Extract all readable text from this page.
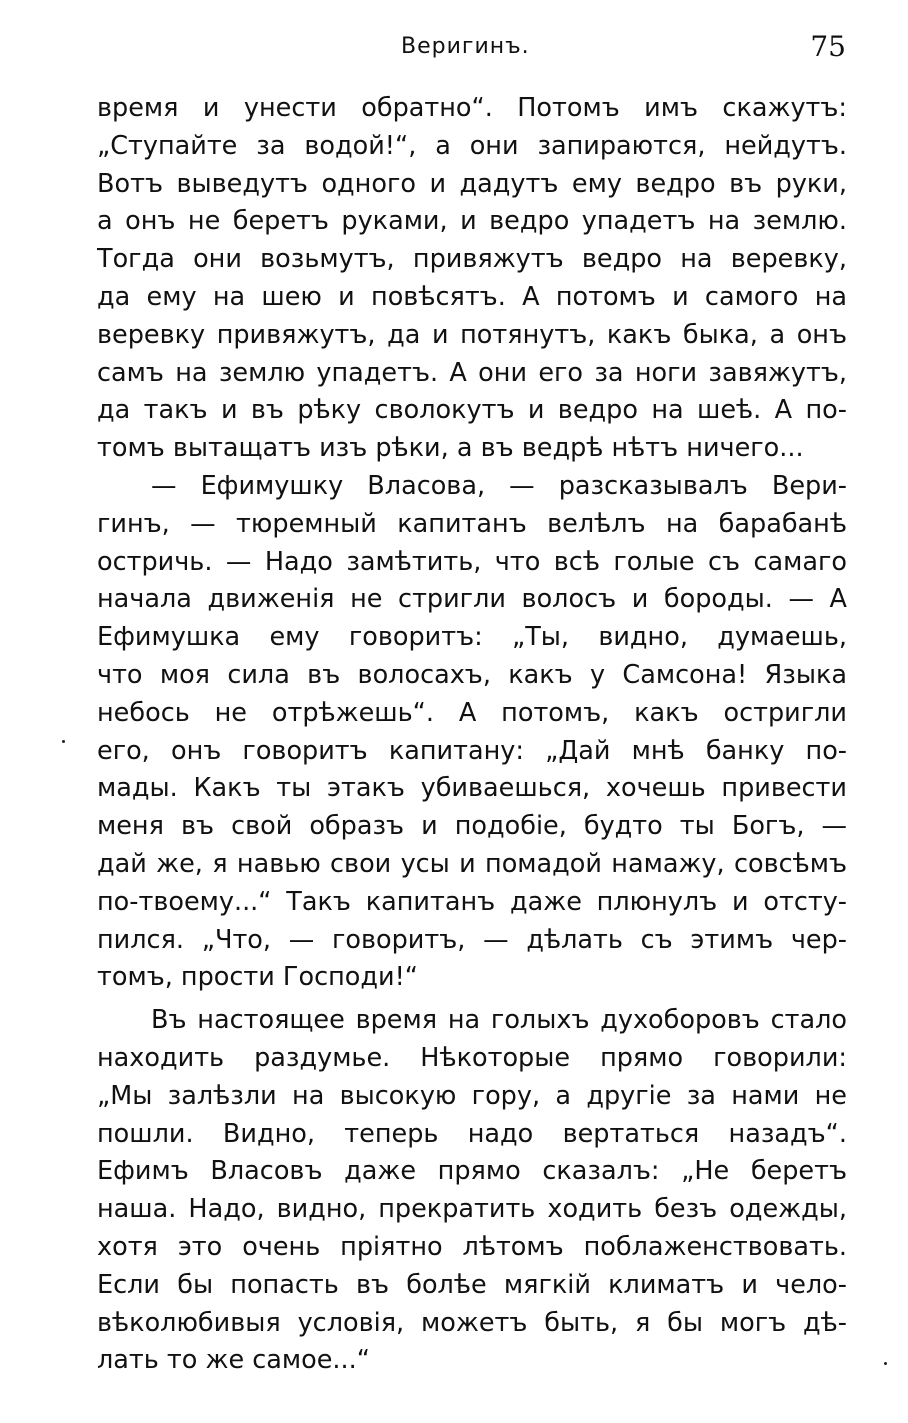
Веригинъ.	75
время и унести обратно“. Потомъ имъ скажутъ:
„Ступайте за водой!“, а они запираются, нейдутъ.
Вотъ выведутъ одного и дадутъ ему ведро въ руки,
а онъ не беретъ руками, и ведро упадетъ на землю.
Тогда они возьмутъ, привяжутъ ведро на веревку,
да ему на шею и повѣсятъ. А потомъ и самого на
веревку привяжутъ, да и потянутъ, какъ быка, а онъ
самъ на землю упадетъ. А они его за ноги завяжутъ,
да такъ и въ рѣку сволокутъ и ведро на шеѣ. А по-
томъ вытащатъ изъ рѣки, а въ ведрѣ нѣтъ ничего...
— Ефимушку Власова, — разсказывалъ Вери-
гинъ, — тюремный капитанъ велѣлъ на барабанѣ
остричь. — Надо замѣтить, что всѣ голые съ самаго
начала движенія не стригли волосъ и бороды. — А
Ефимушка ему говоритъ: „Ты, видно, думаешь,
что моя сила въ волосахъ, какъ у Самсона! Языка
небось не отрѣжешь“. А потомъ, какъ остригли
его, онъ говоритъ капитану: „Дай мнѣ банку по-
мады. Какъ ты этакъ убиваешься, хочешь привести
меня въ свой образъ и подобіе, будто ты Богъ, —
дай же, я навью свои усы и помадой намажу, совсѣмъ
по-твоему...“ Такъ капитанъ даже плюнулъ и отсту-
пился. „Что, — говоритъ, — дѣлать съ этимъ чер-
томъ, прости Господи!“
Въ настоящее время на голыхъ духоборовъ стало
находить раздумье. Нѣкоторые прямо говорили:
„Мы залѣзли на высокую гору, а другіе за нами не
пошли. Видно, теперь надо вертаться назадъ“.
Ефимъ Власовъ даже прямо сказалъ: „Не беретъ
наша. Надо, видно, прекратить ходить безъ одежды,
хотя это очень пріятно лѣтомъ поблаженствовать.
Если бы попасть въ болѣе мягкій климатъ и чело-
вѣколюбивыя условія, можетъ быть, я бы могъ дѣ-
лать то же самое...“
